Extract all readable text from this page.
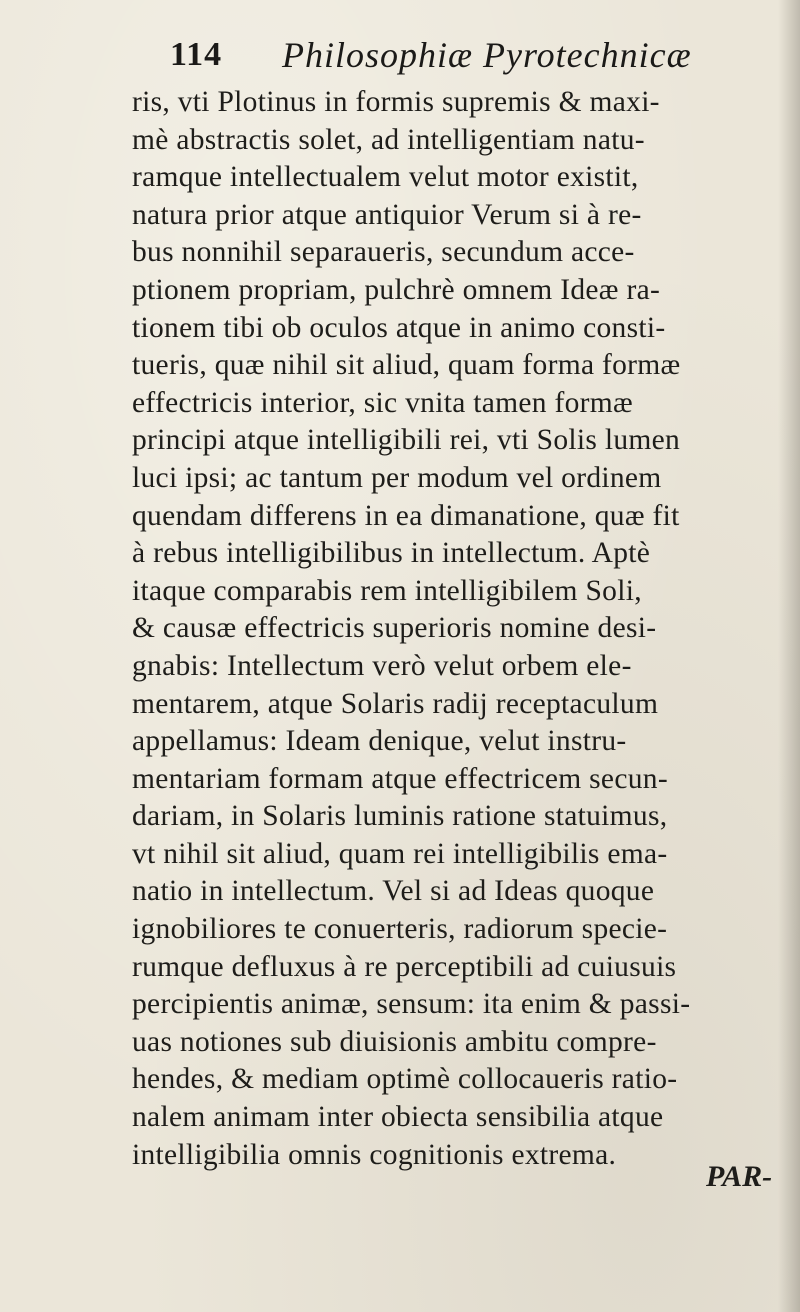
114 Philosophiæ Pyrotechnicæ
ris, vti Plotinus in formis supremis & maxi-
mè abstractis solet, ad intelligentiam natu-
ramque intellectualem velut motor existit,
natura prior atque antiquior Verum si à re-
bus nonnihil separaueris, secundum acce-
ptionem propriam, pulchrè omnem Ideæ ra-
tionem tibi ob oculos atque in animo consti-
tueris, quæ nihil sit aliud, quam forma formæ
effectricis interior, sic vnita tamen formæ
principi atque intelligibili rei, vti Solis lumen
luci ipsi; ac tantum per modum vel ordinem
quendam differens in ea dimanatione, quæ fit
à rebus intelligibilibus in intellectum. Aptè
itaque comparabis rem intelligibilem Soli,
& causæ effectricis superioris nomine desi-
gnabis: Intellectum verò velut orbem ele-
mentarem, atque Solaris radij receptaculum
appellamus: Ideam denique, velut instru-
mentariam formam atque effectricem secun-
dariam, in Solaris luminis ratione statuimus,
vt nihil sit aliud, quam rei intelligibilis ema-
natio in intellectum. Vel si ad Ideas quoque
ignobiliores te conuerteris, radiorum specie-
rumque defluxus à re perceptibili ad cuiusuis
percipientis animæ, sensum: ita enim & passi-
uas notiones sub diuisionis ambitu compre-
hendes, & mediam optimè collocaueris ratio-
nalem animam inter obiecta sensibilia atque
intelligibilia omnis cognitionis extrema.
PAR-
